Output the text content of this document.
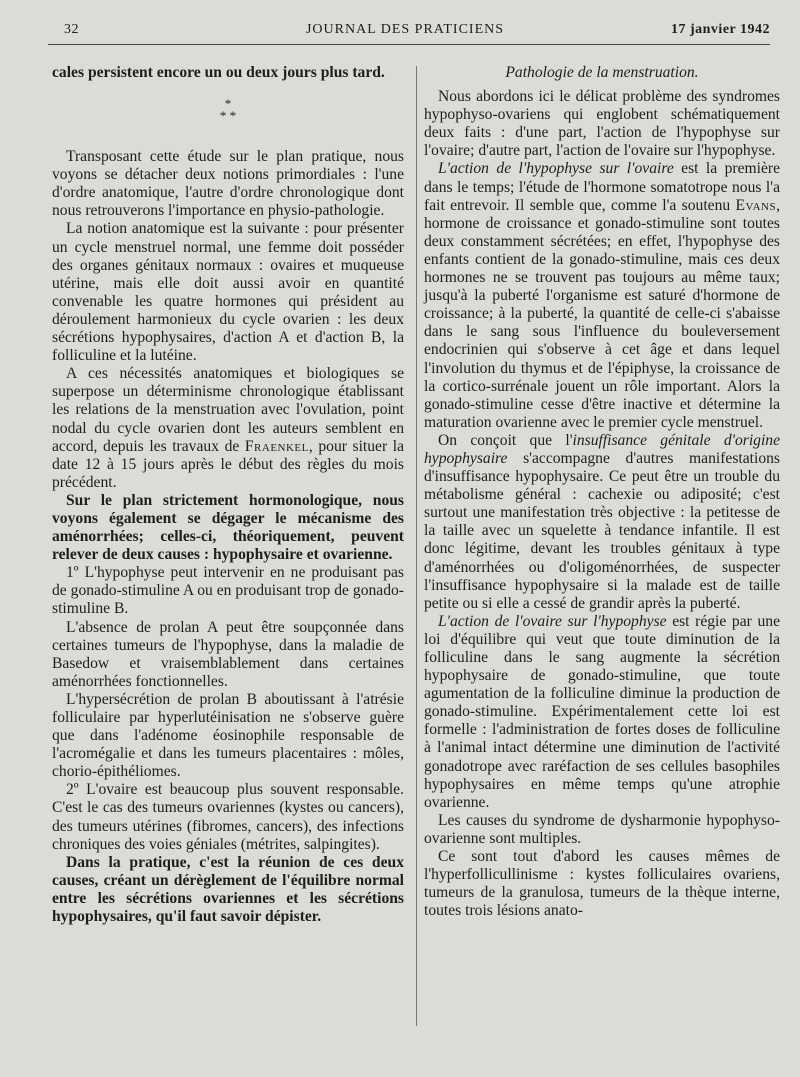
32	JOURNAL DES PRATICIENS	17 janvier 1942

cales persistent encore un ou deux jours plus tard.

*
* *

Transposant cette étude sur le plan pratique, nous voyons se détacher deux notions primordiales : l'une d'ordre anatomique, l'autre d'ordre chronologique dont nous retrouverons l'importance en physio-pathologie.

La notion anatomique est la suivante : pour présenter un cycle menstruel normal, une femme doit posséder des organes génitaux normaux : ovaires et muqueuse utérine, mais elle doit aussi avoir en quantité convenable les quatre hormones qui président au déroulement harmonieux du cycle ovarien : les deux sécrétions hypophysaires, d'action A et d'action B, la folliculine et la lutéine.

A ces nécessités anatomiques et biologiques se superpose un déterminisme chronologique établissant les relations de la menstruation avec l'ovulation, point nodal du cycle ovarien dont les auteurs semblent en accord, depuis les travaux de Fraenkel, pour situer la date 12 à 15 jours après le début des règles du mois précédent.

Sur le plan strictement hormonologique, nous voyons également se dégager le mécanisme des aménorrhées; celles-ci, théoriquement, peuvent relever de deux causes : hypophysaire et ovarienne.

1º L'hypophyse peut intervenir en ne produisant pas de gonado-stimuline A ou en produisant trop de gonado-stimuline B.

L'absence de prolan A peut être soupçonnée dans certaines tumeurs de l'hypophyse, dans la maladie de Basedow et vraisemblablement dans certaines aménorrhées fonctionnelles.

L'hypersécrétion de prolan B aboutissant à l'atrésie folliculaire par hyperlutéinisation ne s'observe guère que dans l'adénome éosinophile responsable de l'acromégalie et dans les tumeurs placentaires : môles, chorio-épithéliomes.

2º L'ovaire est beaucoup plus souvent responsable. C'est le cas des tumeurs ovariennes (kystes ou cancers), des tumeurs utérines (fibromes, cancers), des infections chroniques des voies géniales (métrites, salpingites).

Dans la pratique, c'est la réunion de ces deux causes, créant un dérèglement de l'équilibre normal entre les sécrétions ovariennes et les sécrétions hypophysaires, qu'il faut savoir dépister.

Pathologie de la menstruation.

Nous abordons ici le délicat problème des syndromes hypophyso-ovariens qui englobent schématiquement deux faits : d'une part, l'action de l'hypophyse sur l'ovaire; d'autre part, l'action de l'ovaire sur l'hypophyse.

L'action de l'hypophyse sur l'ovaire est la première dans le temps; l'étude de l'hormone somatotrope nous l'a fait entrevoir. Il semble que, comme l'a soutenu Evans, hormone de croissance et gonado-stimuline sont toutes deux constamment sécrétées; en effet, l'hypophyse des enfants contient de la gonado-stimuline, mais ces deux hormones ne se trouvent pas toujours au même taux; jusqu'à la puberté l'organisme est saturé d'hormone de croissance; à la puberté, la quantité de celle-ci s'abaisse dans le sang sous l'influence du bouleversement endocrinien qui s'observe à cet âge et dans lequel l'involution du thymus et de l'épiphyse, la croissance de la cortico-surrénale jouent un rôle important. Alors la gonado-stimuline cesse d'être inactive et détermine la maturation ovarienne avec le premier cycle menstruel.

On conçoit que l'insuffisance génitale d'origine hypophysaire s'accompagne d'autres manifestations d'insuffisance hypophysaire. Ce peut être un trouble du métabolisme général : cachexie ou adiposité; c'est surtout une manifestation très objective : la petitesse de la taille avec un squelette à tendance infantile. Il est donc légitime, devant les troubles génitaux à type d'aménorrhées ou d'oligoménorrhées, de suspecter l'insuffisance hypophysaire si la malade est de taille petite ou si elle a cessé de grandir après la puberté.

L'action de l'ovaire sur l'hypophyse est régie par une loi d'équilibre qui veut que toute diminution de la folliculine dans le sang augmente la sécrétion hypophysaire de gonado-stimuline, que toute agumentation de la folliculine diminue la production de gonado-stimuline. Expérimentalement cette loi est formelle : l'administration de fortes doses de folliculine à l'animal intact détermine une diminution de l'activité gonadotrope avec raréfaction de ses cellules basophiles hypophysaires en même temps qu'une atrophie ovarienne.

Les causes du syndrome de dysharmonie hypophyso-ovarienne sont multiples.

Ce sont tout d'abord les causes mêmes de l'hyperfollicullinisme : kystes folliculaires ovariens, tumeurs de la granulosa, tumeurs de la thèque interne, toutes trois lésions anato-
